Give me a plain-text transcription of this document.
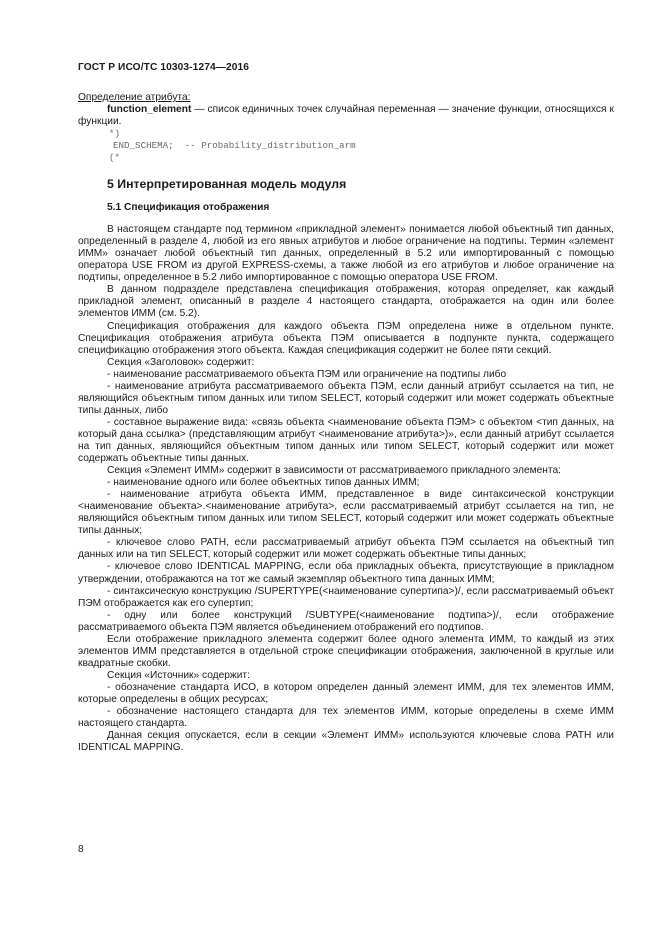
ГОСТ Р ИСО/ТС 10303-1274—2016

Определение атрибута:

function_element — список единичных точек случайная переменная — значение функции, относящихся к функции.

*)
END_SCHEMA;  -- Probability_distribution_arm
(*
5 Интерпретированная модель модуля
5.1 Спецификация отображения

В настоящем стандарте под термином «прикладной элемент» понимается любой объектный тип данных, определенный в разделе 4, любой из его явных атрибутов и любое ограничение на подтипы. Термин «элемент ИММ» означает любой объектный тип данных, определенный в 5.2 или импортированный с помощью оператора USE FROM из другой EXPRESS-схемы, а также любой из его атрибутов и любое ограничение на подтипы, определенное в 5.2 либо импортированное с помощью оператора USE FROM.

В данном подразделе представлена спецификация отображения, которая определяет, как каждый прикладной элемент, описанный в разделе 4 настоящего стандарта, отображается на один или более элементов ИММ (см. 5.2).

Спецификация отображения для каждого объекта ПЭМ определена ниже в отдельном пункте. Спецификация отображения атрибута объекта ПЭМ описывается в подпункте пункта, содержащего спецификацию отображения этого объекта. Каждая спецификация содержит не более пяти секций.

Секция «Заголовок» содержит:

- наименование рассматриваемого объекта ПЭМ или ограничение на подтипы либо

- наименование атрибута рассматриваемого объекта ПЭМ, если данный атрибут ссылается на тип, не являющийся объектным типом данных или типом SELECT, который содержит или может содержать объектные типы данных, либо

- составное выражение вида: «связь объекта <наименование объекта ПЭМ> с объектом <тип данных, на который дана ссылка> (представляющим атрибут <наименование атрибута>)», если данный атрибут ссылается на тип данных, являющийся объектным типом данных или типом SELECT, который содержит или может содержать объектные типы данных.

Секция «Элемент ИММ» содержит в зависимости от рассматриваемого прикладного элемента:

- наименование одного или более объектных типов данных ИММ;

- наименование атрибута объекта ИММ, представленное в виде синтаксической конструкции <наименование объекта>.<наименование атрибута>, если рассматриваемый атрибут ссылается на тип, не являющийся объектным типом данных или типом SELECT, который содержит или может содержать объектные типы данных;

- ключевое слово PATH, если рассматриваемый атрибут объекта ПЭМ ссылается на объектный тип данных или на тип SELECT, который содержит или может содержать объектные типы данных;

- ключевое слово IDENTICAL MAPPING, если оба прикладных объекта, присутствующие в прикладном утверждении, отображаются на тот же самый экземпляр объектного типа данных ИММ;

- синтаксическую конструкцию /SUPERTYPE(<наименование супертипа>)/, если рассматриваемый объект ПЭМ отображается как его супертип;

- одну или более конструкций /SUBTYPE(<наименование подтипа>)/, если отображение рассматриваемого объекта ПЭМ является объединением отображений его подтипов.

Если отображение прикладного элемента содержит более одного элемента ИММ, то каждый из этих элементов ИММ представляется в отдельной строке спецификации отображения, заключенной в круглые или квадратные скобки.

Секция «Источник» содержит:

- обозначение стандарта ИСО, в котором определен данный элемент ИММ, для тех элементов ИММ, которые определены в общих ресурсах;

- обозначение настоящего стандарта для тех элементов ИММ, которые определены в схеме ИММ настоящего стандарта.

Данная секция опускается, если в секции «Элемент ИММ» используются ключевые слова PATH или IDENTICAL MAPPING.

8
